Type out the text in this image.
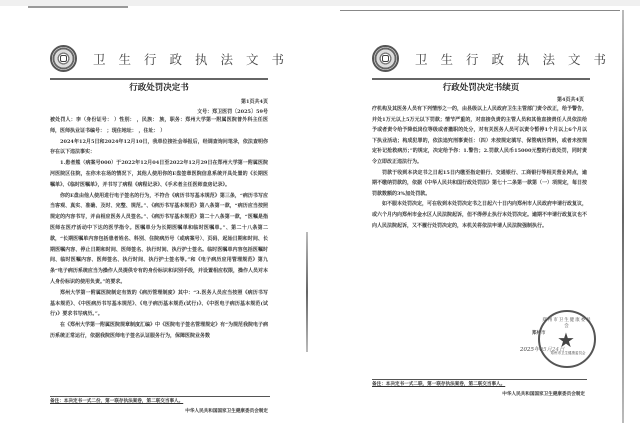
卫生行政执法文书
行政处罚决定书
第1页共4页
文号：郑卫医罚〔2025〕59号

被处罚人：李（身份证号： ）性别： ，民族： 族，职务：郑州大学第一附属医院普外科主任医师，医师执业证书编号： ；现住地址： ，住址： ）

2024年12月5日和2024年12月10日，我单位接社会举报后，经调查询问笔录，依法查明你存在以下违法事实：

1.患者熊（病案号000）于2022年12月04日至2022年12月29日在郑州大学第一附属医院河医院区住院，在你未在场的情况下，其他人使用你的E盘签章医院信息系统开具处置的《长期医嘱单》、《临时医嘱单》，并书写了病程《病程记录》、《手术者主任医师查房记录》。

你的E盘由他人使用进行电子签名的行为，不符合《病历书写基本规范》第三条，“病历书写应当客观、真实、准确、及时、完整、规范。”、《病历书写基本规范》第八条第一款，“病历应当按照规定的内容书写，并由相应医务人员签名。”、《病历书写基本规范》第二十八条第一款，“医嘱是指医师在医疗活动中下达的医学指令。医嘱单分为长期医嘱单和临时医嘱单。”、第二十八条第二款，“长期医嘱单内容包括患者姓名、科别、住院病历号（或病案号）、页码、起始日期和时间、长期医嘱内容、停止日期和时间、医师签名、执行时间、执行护士签名。临时医嘱单内容包括医嘱时间、临时医嘱内容、医师签名、执行时间、执行护士签名等。”和《电子病历应用管理规范》第九条“电子病历系统应当为操作人员提供专有的身份标识和识别手段，并设置相应权限，操作人员对本人身份标识的使用负责。”的要求。

郑州大学第一附属医院制定有效的《病历管理制度》其中：“3.医务人员应当按照《病历书写基本规范》、《中医病历书写基本规范》、《电子病历基本规范(试行)》、《中医电子病历基本规范(试行)》要求书写病历。”。

在《郑州大学第一附属医院规章制度汇编》中《医院电子签名管理规定》有“为规范我院电子病历系统正常运行，依据我院医师电子签名认证服务行为，保障医院业务数

备注：本决定书一式二份，第一联存执法案卷，第二联交当事人。
中华人民共和国国家卫生健康委员会制定
卫生行政执法文书
行政处罚决定书续页
第4页共4页

疗机构及其医务人员有下列情形之一的，由县级以上人民政府卫生主管部门责令改正，给予警告，并处1万元以上5万元以下罚款；情节严重的，对直接负责的主管人员和其他直接责任人员依法给予或者责令给予降低岗位等级或者撤职的处分，对有关医务人员可以责令暂停1个月以上6个月以下执业活动；构成犯罪的，依法追究刑事责任：（四）未按规定填写、保管病历资料，或者未按规定补记抢救病历；”的规定，决定给予你：1.警告；2.罚款人民币15000元整的行政处罚，同时责令立即改正违法行为。

罚款于收到本决定书之日起15日内缴至指定银行、交通银行、工商银行等相关营业网点，逾期不缴纳罚款的，依据《中华人民共和国行政处罚法》第七十二条第一款第（一）项规定，每日按罚款数额的3%加处罚款。

如不服本处罚决定，可在收到本处罚决定书之日起六十日内向郑州市人民政府申请行政复议，或六个月内向郑州市金水区人民法院起诉，但不得停止执行本处罚决定。逾期不申请行政复议也不向人民法院起诉，又不履行处罚决定的，本机关将依法申请人民法院强制执行。

备注：本决定书一式二联，第一联存执法案卷，第二联交当事人。
中华人民共和国国家卫生健康委员会制定
郑州市
2025年05月24日
郑州市卫生健康委员会
★
郑州市卫生健康委员会
